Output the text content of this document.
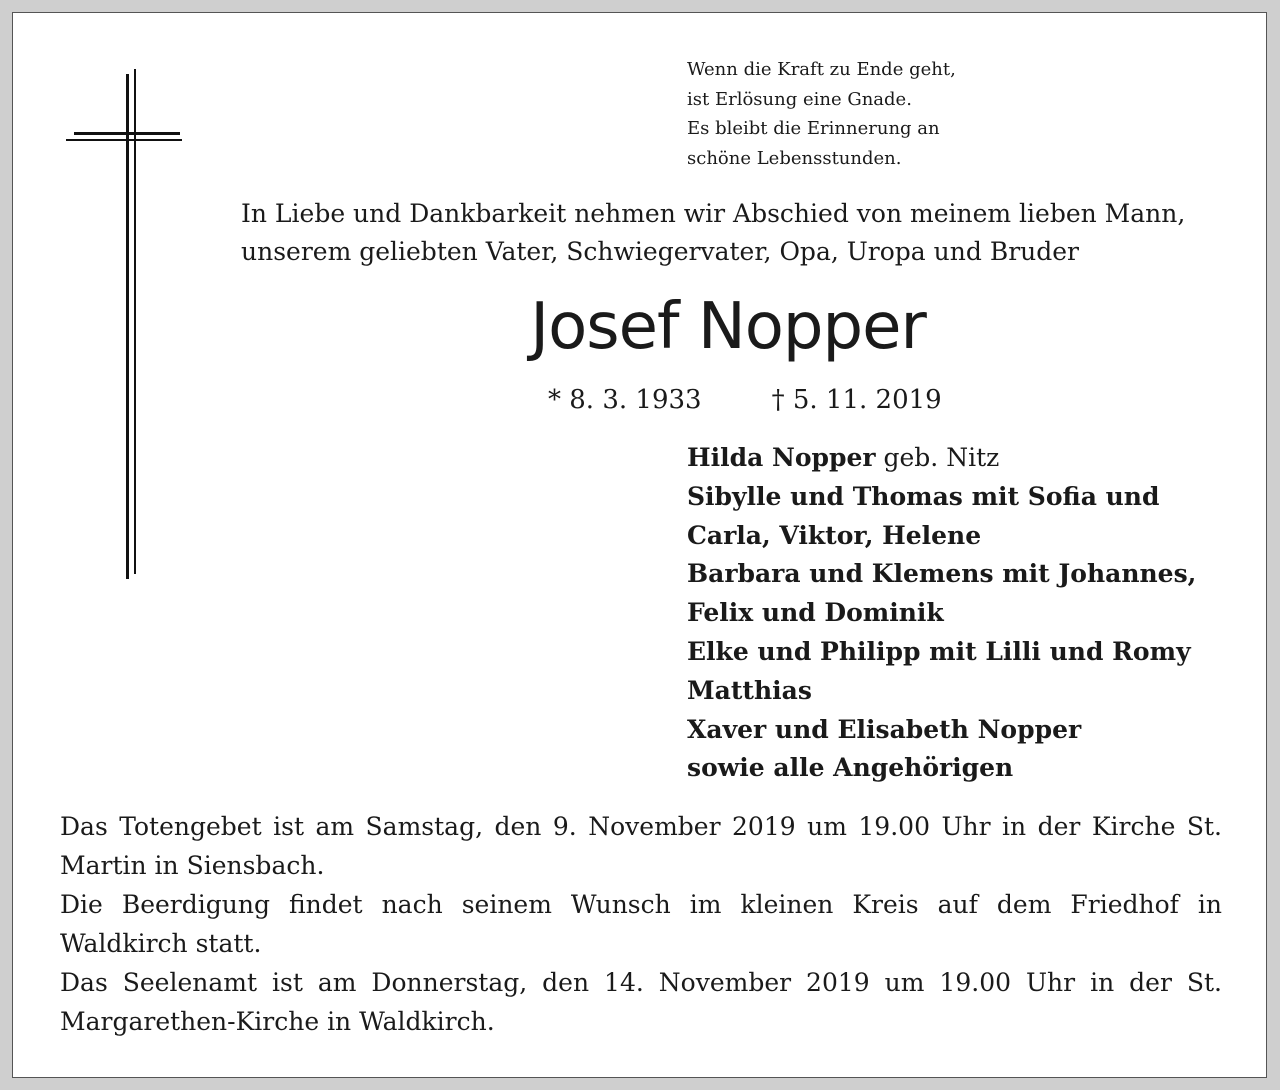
Wenn die Kraft zu Ende geht,
ist Erlösung eine Gnade.
Es bleibt die Erinnerung an
schöne Lebensstunden.
In Liebe und Dankbarkeit nehmen wir Abschied von meinem lieben Mann,
unserem geliebten Vater, Schwiegervater, Opa, Uropa und Bruder
Josef Nopper
* 8. 3. 1933	† 5. 11. 2019
Hilda Nopper geb. Nitz
Sibylle und Thomas mit Sofia und
Carla, Viktor, Helene
Barbara und Klemens mit Johannes,
Felix und Dominik
Elke und Philipp mit Lilli und Romy
Matthias
Xaver und Elisabeth Nopper
sowie alle Angehörigen

Das Totengebet ist am Samstag, den 9. November 2019 um 19.00 Uhr in der Kirche St. Martin in Siensbach.

Die Beerdigung findet nach seinem Wunsch im kleinen Kreis auf dem Friedhof in Waldkirch statt.

Das Seelenamt ist am Donnerstag, den 14. November 2019 um 19.00 Uhr in der St. Margarethen-Kirche in Waldkirch.
